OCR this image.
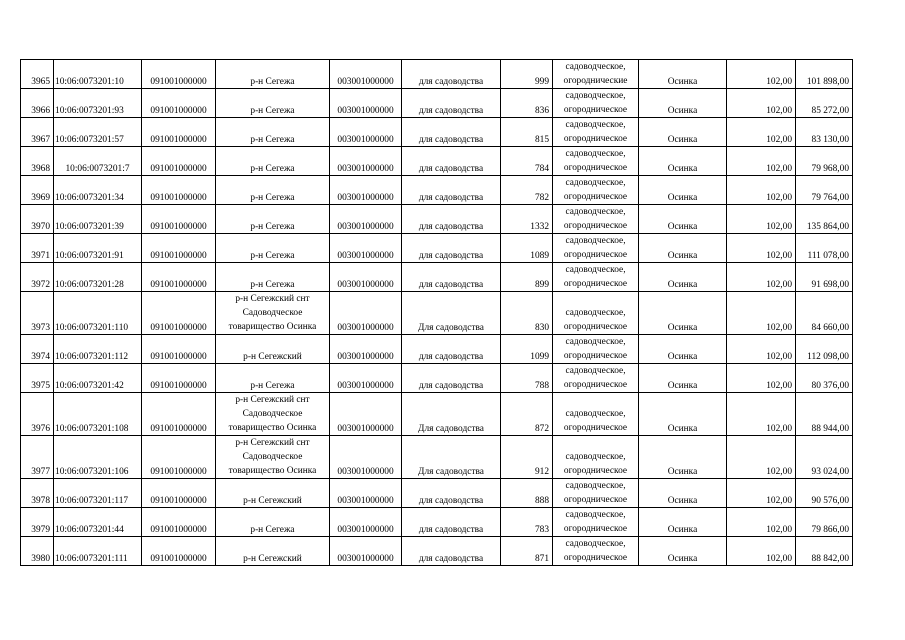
3965	10:06:0073201:10	091001000000	р-н Сегежа	003001000000	для садоводства	999	садоводческое,
огороднические	Осинка	102,00	101 898,00
3966	10:06:0073201:93	091001000000	р-н Сегежа	003001000000	для садоводства	836	садоводческое,
огородническое	Осинка	102,00	85 272,00
3967	10:06:0073201:57	091001000000	р-н Сегежа	003001000000	для садоводства	815	садоводческое,
огородническое	Осинка	102,00	83 130,00
3968	10:06:0073201:7	091001000000	р-н Сегежа	003001000000	для садоводства	784	садоводческое,
огородническое	Осинка	102,00	79 968,00
3969	10:06:0073201:34	091001000000	р-н Сегежа	003001000000	для садоводства	782	садоводческое,
огородническое	Осинка	102,00	79 764,00
3970	10:06:0073201:39	091001000000	р-н Сегежа	003001000000	для садоводства	1332	садоводческое,
огородническое	Осинка	102,00	135 864,00
3971	10:06:0073201:91	091001000000	р-н Сегежа	003001000000	для садоводства	1089	садоводческое,
огородническое	Осинка	102,00	111 078,00
3972	10:06:0073201:28	091001000000	р-н Сегежа	003001000000	для садоводства	899	садоводческое,
огородническое	Осинка	102,00	91 698,00
3973	10:06:0073201:110	091001000000	р-н Сегежский снт Садоводческое товарищество Осинка	003001000000	Для садоводства	830	садоводческое,
огородническое	Осинка	102,00	84 660,00
3974	10:06:0073201:112	091001000000	р-н Сегежский	003001000000	для садоводства	1099	садоводческое,
огородническое	Осинка	102,00	112 098,00
3975	10:06:0073201:42	091001000000	р-н Сегежа	003001000000	для садоводства	788	садоводческое,
огородническое	Осинка	102,00	80 376,00
3976	10:06:0073201:108	091001000000	р-н Сегежский снт Садоводческое товарищество Осинка	003001000000	Для садоводства	872	садоводческое,
огородническое	Осинка	102,00	88 944,00
3977	10:06:0073201:106	091001000000	р-н Сегежский снт Садоводческое товарищество Осинка	003001000000	Для садоводства	912	садоводческое,
огородническое	Осинка	102,00	93 024,00
3978	10:06:0073201:117	091001000000	р-н Сегежский	003001000000	для садоводства	888	садоводческое,
огородническое	Осинка	102,00	90 576,00
3979	10:06:0073201:44	091001000000	р-н Сегежа	003001000000	для садоводства	783	садоводческое,
огородническое	Осинка	102,00	79 866,00
3980	10:06:0073201:111	091001000000	р-н Сегежский	003001000000	для садоводства	871	садоводческое,
огородническое	Осинка	102,00	88 842,00
